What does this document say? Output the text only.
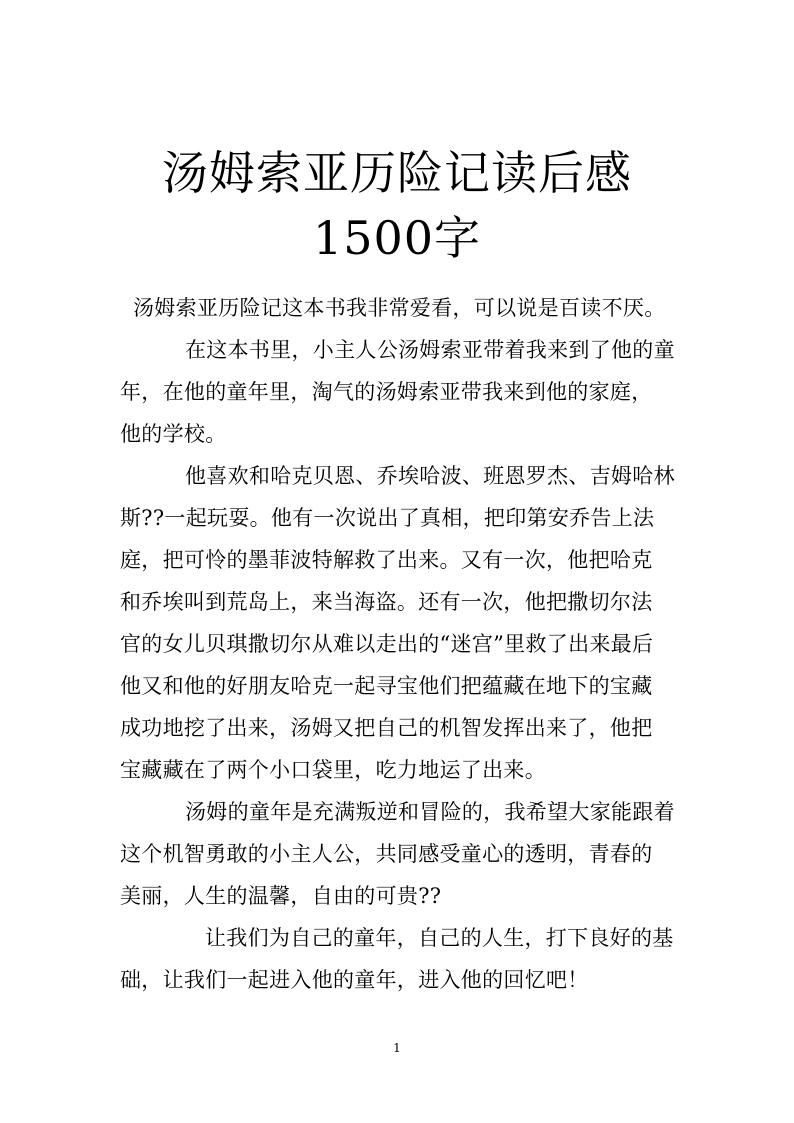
汤姆索亚历险记读后感
1500字
汤姆索亚历险记这本书我非常爱看，可以说是百读不厌。
在这本书里，小主人公汤姆索亚带着我来到了他的童
年，在他的童年里，淘气的汤姆索亚带我来到他的家庭，
他的学校。
他喜欢和哈克贝恩、乔埃哈波、班恩罗杰、吉姆哈林
斯??一起玩耍。他有一次说出了真相，把印第安乔告上法
庭，把可怜的墨菲波特解救了出来。又有一次，他把哈克
和乔埃叫到荒岛上，来当海盗。还有一次，他把撒切尔法
官的女儿贝琪撒切尔从难以走出的“迷宫”里救了出来最后
他又和他的好朋友哈克一起寻宝他们把蕴藏在地下的宝藏
成功地挖了出来，汤姆又把自己的机智发挥出来了，他把
宝藏藏在了两个小口袋里，吃力地运了出来。
汤姆的童年是充满叛逆和冒险的，我希望大家能跟着
这个机智勇敢的小主人公，共同感受童心的透明，青春的
美丽，人生的温馨，自由的可贵??
让我们为自己的童年，自己的人生，打下良好的基
础，让我们一起进入他的童年，进入他的回忆吧！
1
